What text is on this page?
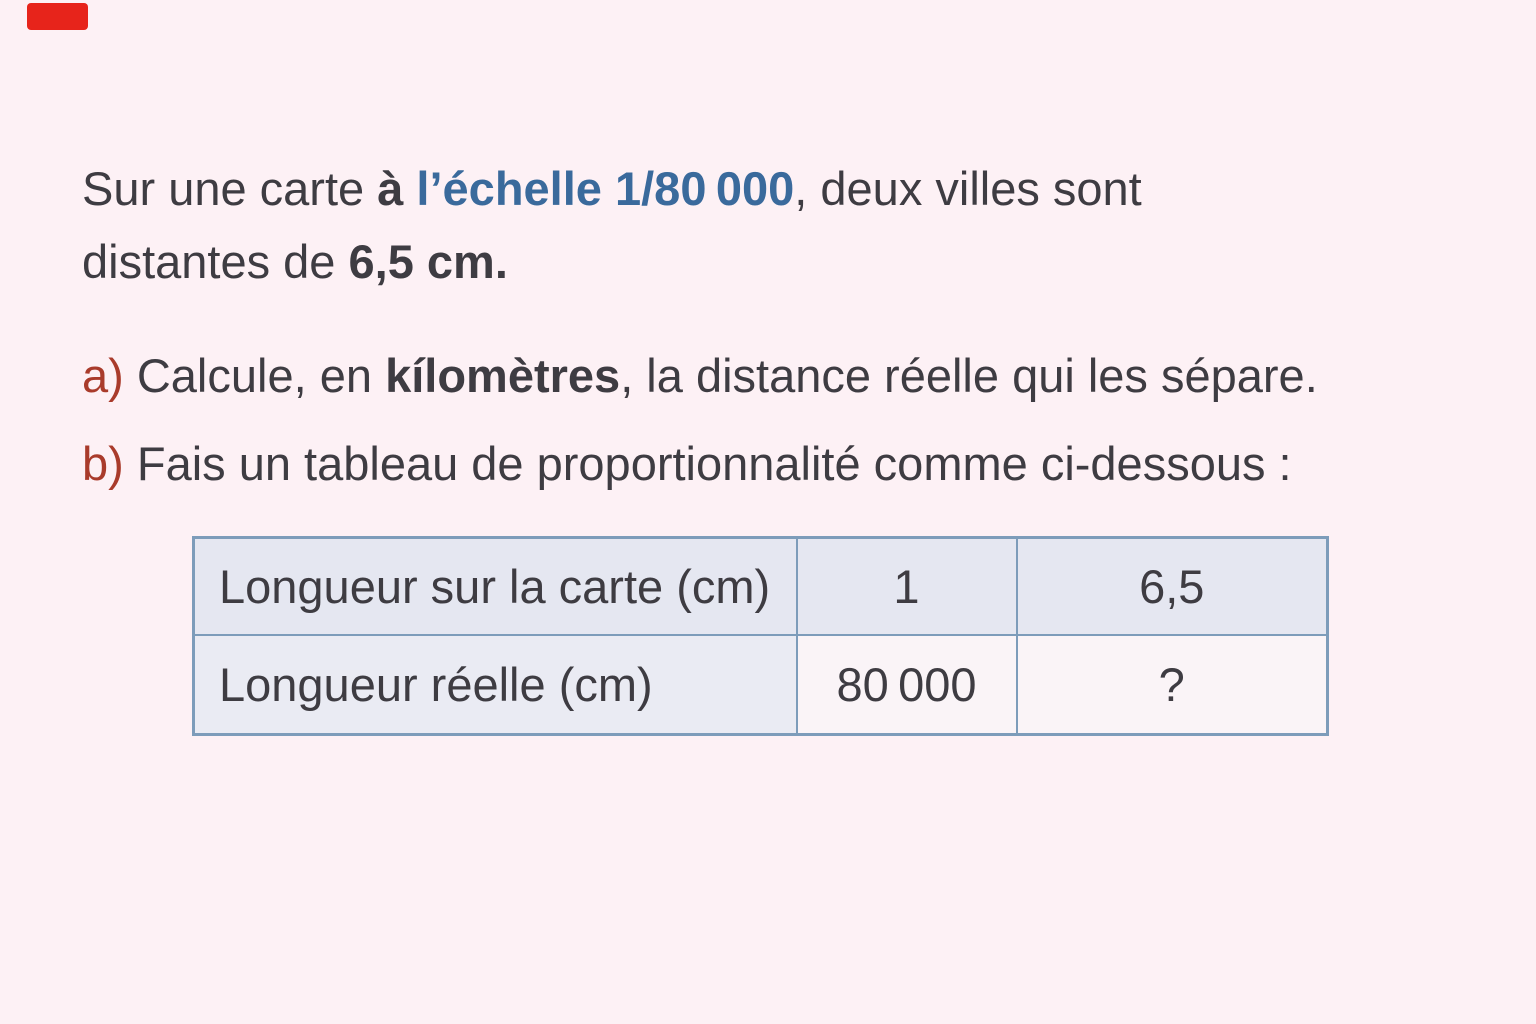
Sur une carte à l’échelle 1/80 000, deux villes sont
distantes de 6,5 cm.
a) Calcule, en kílomètres, la distance réelle qui les sépare.
b) Fais un tableau de proportionnalité comme ci-dessous :
Longueur sur la carte (cm)	1	6,5
Longueur réelle (cm)	80 000	?
